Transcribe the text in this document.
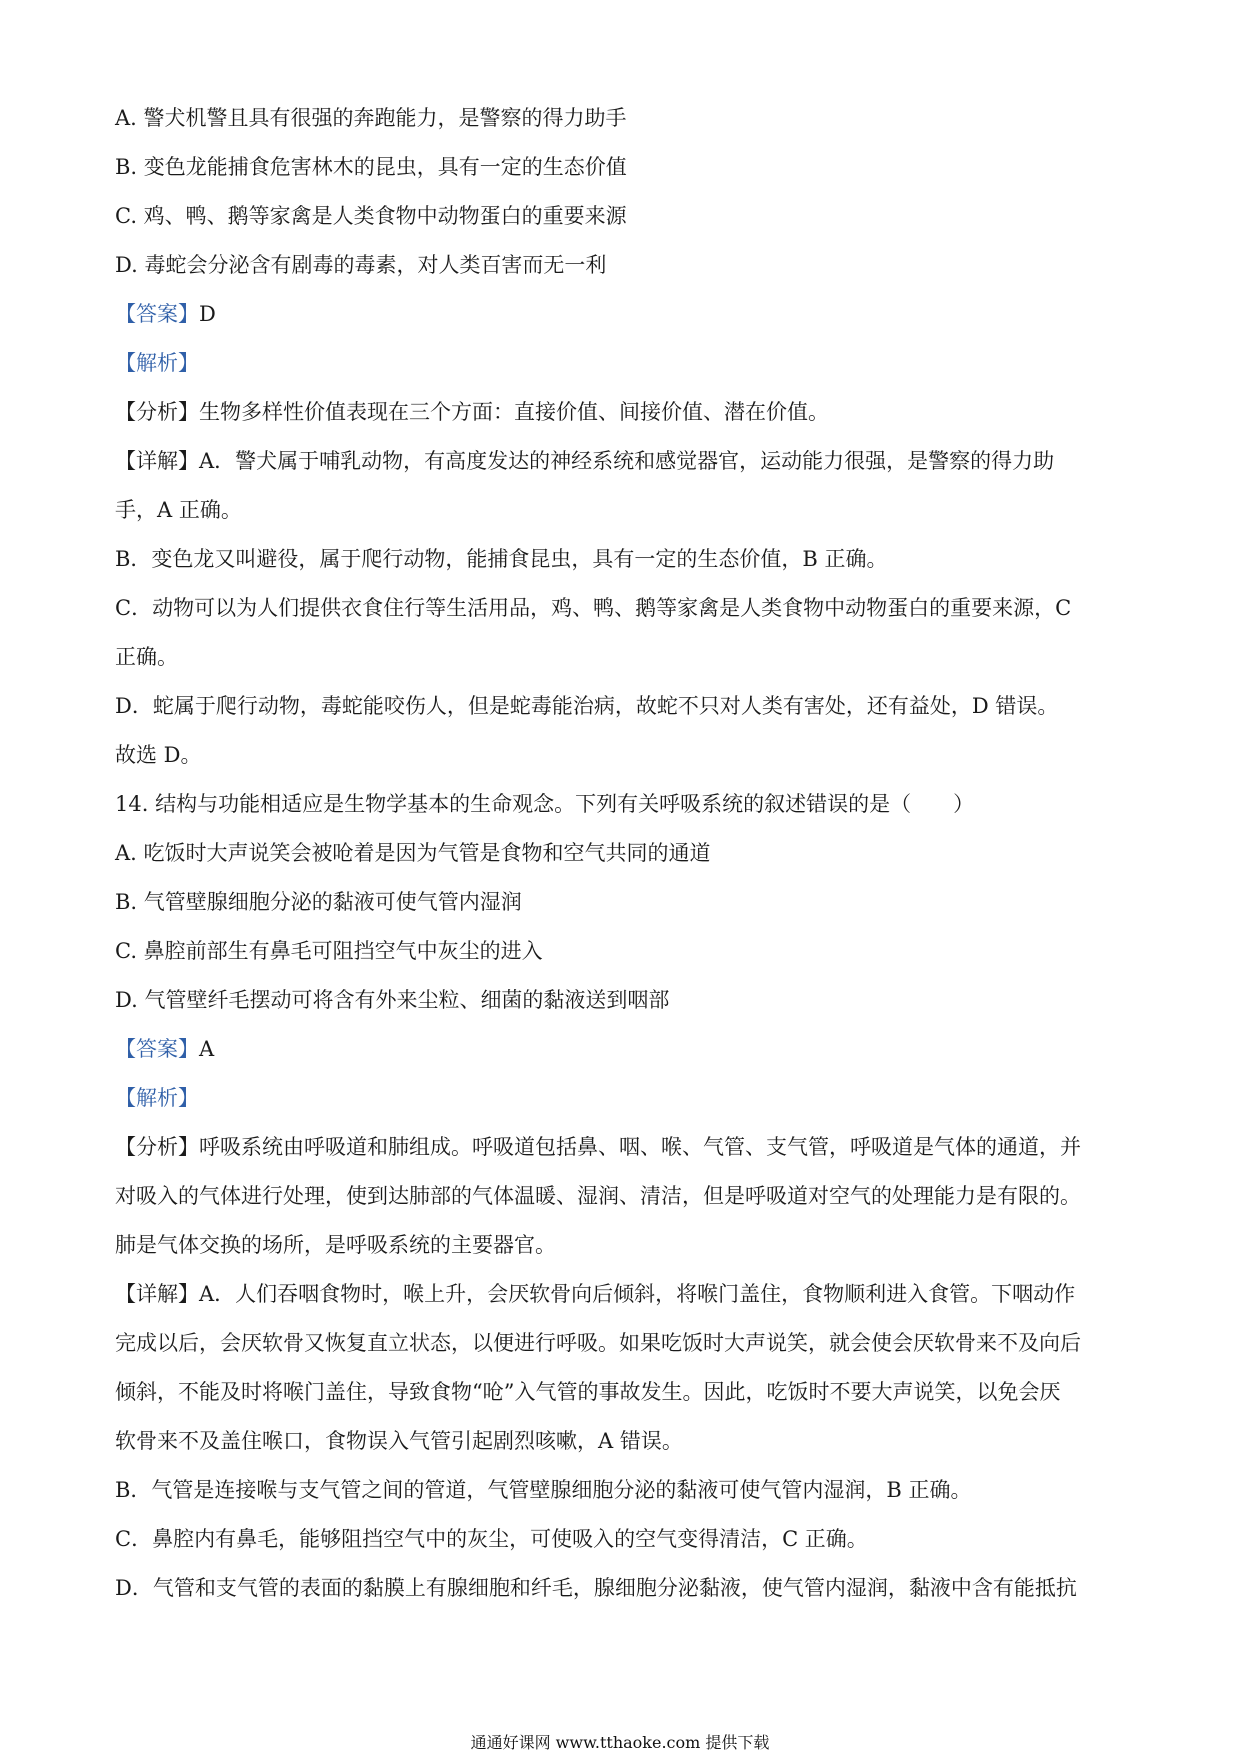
A. 警犬机警且具有很强的奔跑能力，是警察的得力助手
B. 变色龙能捕食危害林木的昆虫，具有一定的生态价值
C. 鸡、鸭、鹅等家禽是人类食物中动物蛋白的重要来源
D. 毒蛇会分泌含有剧毒的毒素，对人类百害而无一利
【答案】D
【解析】
【分析】生物多样性价值表现在三个方面：直接价值、间接价值、潜在价值。
【详解】A．警犬属于哺乳动物，有高度发达的神经系统和感觉器官，运动能力很强，是警察的得力助
手，A 正确。
B．变色龙又叫避役，属于爬行动物，能捕食昆虫，具有一定的生态价值，B 正确。
C．动物可以为人们提供衣食住行等生活用品，鸡、鸭、鹅等家禽是人类食物中动物蛋白的重要来源，C
正确。
D．蛇属于爬行动物，毒蛇能咬伤人，但是蛇毒能治病，故蛇不只对人类有害处，还有益处，D 错误。
故选 D。
14. 结构与功能相适应是生物学基本的生命观念。下列有关呼吸系统的叙述错误的是（　　）
A. 吃饭时大声说笑会被呛着是因为气管是食物和空气共同的通道
B. 气管壁腺细胞分泌的黏液可使气管内湿润
C. 鼻腔前部生有鼻毛可阻挡空气中灰尘的进入
D. 气管壁纤毛摆动可将含有外来尘粒、细菌的黏液送到咽部
【答案】A
【解析】
【分析】呼吸系统由呼吸道和肺组成。呼吸道包括鼻、咽、喉、气管、支气管，呼吸道是气体的通道，并
对吸入的气体进行处理，使到达肺部的气体温暖、湿润、清洁，但是呼吸道对空气的处理能力是有限的。
肺是气体交换的场所，是呼吸系统的主要器官。
【详解】A．人们吞咽食物时，喉上升，会厌软骨向后倾斜，将喉门盖住，食物顺利进入食管。下咽动作
完成以后，会厌软骨又恢复直立状态，以便进行呼吸。如果吃饭时大声说笑，就会使会厌软骨来不及向后
倾斜，不能及时将喉门盖住，导致食物“呛”入气管的事故发生。因此，吃饭时不要大声说笑，以免会厌
软骨来不及盖住喉口，食物误入气管引起剧烈咳嗽，A 错误。
B．气管是连接喉与支气管之间的管道，气管壁腺细胞分泌的黏液可使气管内湿润，B 正确。
C．鼻腔内有鼻毛，能够阻挡空气中的灰尘，可使吸入的空气变得清洁，C 正确。
D．气管和支气管的表面的黏膜上有腺细胞和纤毛，腺细胞分泌黏液，使气管内湿润，黏液中含有能抵抗
通通好课网 www.tthaoke.com 提供下载
